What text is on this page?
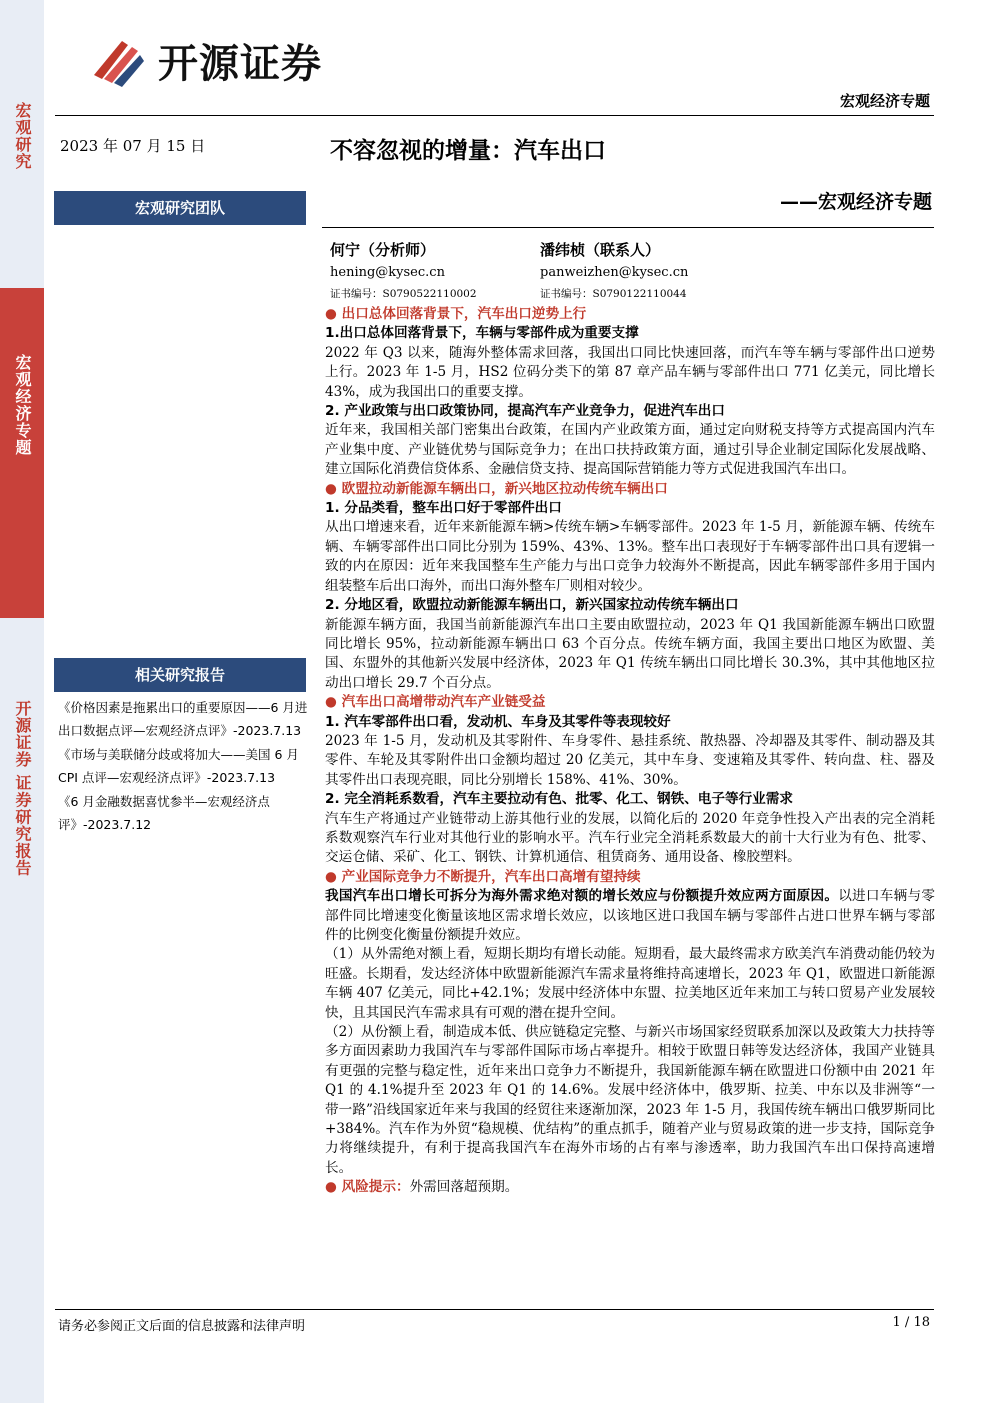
宏观研究
宏观经济专题
开源证券 证券研究报告
开源证券
宏观经济专题
2023 年 07 月 15 日
宏观研究团队
不容忽视的增量：汽车出口
——宏观经济专题
何宁（分析师）
hening@kysec.cn
证书编号：S0790522110002
潘纬桢（联系人）
panweizhen@kysec.cn
证书编号：S0790122110044
相关研究报告

《价格因素是拖累出口的重要原因——6 月进出口数据点评—宏观经济点评》-2023.7.13

《市场与美联储分歧或将加大——美国 6 月 CPI 点评—宏观经济点评》-2023.7.13

《6 月金融数据喜忧参半—宏观经济点评》-2023.7.12

● 出口总体回落背景下，汽车出口逆势上行

1.出口总体回落背景下，车辆与零部件成为重要支撑

2022 年 Q3 以来，随海外整体需求回落，我国出口同比快速回落，而汽车等车辆与零部件出口逆势上行。2023 年 1-5 月，HS2 位码分类下的第 87 章产品车辆与零部件出口 771 亿美元，同比增长 43%，成为我国出口的重要支撑。

2. 产业政策与出口政策协同，提高汽车产业竞争力，促进汽车出口

近年来，我国相关部门密集出台政策，在国内产业政策方面，通过定向财税支持等方式提高国内汽车产业集中度、产业链优势与国际竞争力；在出口扶持政策方面，通过引导企业制定国际化发展战略、建立国际化消费信贷体系、金融信贷支持、提高国际营销能力等方式促进我国汽车出口。

● 欧盟拉动新能源车辆出口，新兴地区拉动传统车辆出口

1. 分品类看，整车出口好于零部件出口

从出口增速来看，近年来新能源车辆>传统车辆>车辆零部件。2023 年 1-5 月，新能源车辆、传统车辆、车辆零部件出口同比分别为 159%、43%、13%。整车出口表现好于车辆零部件出口具有逻辑一致的内在原因：近年来我国整车生产能力与出口竞争力较海外不断提高，因此车辆零部件多用于国内组装整车后出口海外，而出口海外整车厂则相对较少。

2. 分地区看，欧盟拉动新能源车辆出口，新兴国家拉动传统车辆出口

新能源车辆方面，我国当前新能源汽车出口主要由欧盟拉动，2023 年 Q1 我国新能源车辆出口欧盟同比增长 95%，拉动新能源车辆出口 63 个百分点。传统车辆方面，我国主要出口地区为欧盟、美国、东盟外的其他新兴发展中经济体，2023 年 Q1 传统车辆出口同比增长 30.3%，其中其他地区拉动出口增长 29.7 个百分点。

● 汽车出口高增带动汽车产业链受益

1. 汽车零部件出口看，发动机、车身及其零件等表现较好

2023 年 1-5 月，发动机及其零附件、车身零件、悬挂系统、散热器、冷却器及其零件、制动器及其零件、车轮及其零附件出口金额均超过 20 亿美元，其中车身、变速箱及其零件、转向盘、柱、器及其零件出口表现亮眼，同比分别增长 158%、41%、30%。

2. 完全消耗系数看，汽车主要拉动有色、批零、化工、钢铁、电子等行业需求

汽车生产将通过产业链带动上游其他行业的发展，以简化后的 2020 年竞争性投入产出表的完全消耗系数观察汽车行业对其他行业的影响水平。汽车行业完全消耗系数最大的前十大行业为有色、批零、交运仓储、采矿、化工、钢铁、计算机通信、租赁商务、通用设备、橡胶塑料。

● 产业国际竞争力不断提升，汽车出口高增有望持续

我国汽车出口增长可拆分为海外需求绝对额的增长效应与份额提升效应两方面原因。以进口车辆与零部件同比增速变化衡量该地区需求增长效应，以该地区进口我国车辆与零部件占进口世界车辆与零部件的比例变化衡量份额提升效应。

（1）从外需绝对额上看，短期长期均有增长动能。短期看，最大最终需求方欧美汽车消费动能仍较为旺盛。长期看，发达经济体中欧盟新能源汽车需求量将维持高速增长，2023 年 Q1，欧盟进口新能源车辆 407 亿美元，同比+42.1%；发展中经济体中东盟、拉美地区近年来加工与转口贸易产业发展较快，且其国民汽车需求具有可观的潜在提升空间。

（2）从份额上看，制造成本低、供应链稳定完整、与新兴市场国家经贸联系加深以及政策大力扶持等多方面因素助力我国汽车与零部件国际市场占率提升。相较于欧盟日韩等发达经济体，我国产业链具有更强的完整与稳定性，近年来出口竞争力不断提升，我国新能源车辆在欧盟进口份额中由 2021 年 Q1 的 4.1%提升至 2023 年 Q1 的 14.6%。发展中经济体中，俄罗斯、拉美、中东以及非洲等“一带一路”沿线国家近年来与我国的经贸往来逐渐加深，2023 年 1-5 月，我国传统车辆出口俄罗斯同比+384%。汽车作为外贸“稳规模、优结构”的重点抓手，随着产业与贸易政策的进一步支持，国际竞争力将继续提升，有利于提高我国汽车在海外市场的占有率与渗透率，助力我国汽车出口保持高速增长。

● 风险提示：外需回落超预期。

请务必参阅正文后面的信息披露和法律声明	1 / 18
